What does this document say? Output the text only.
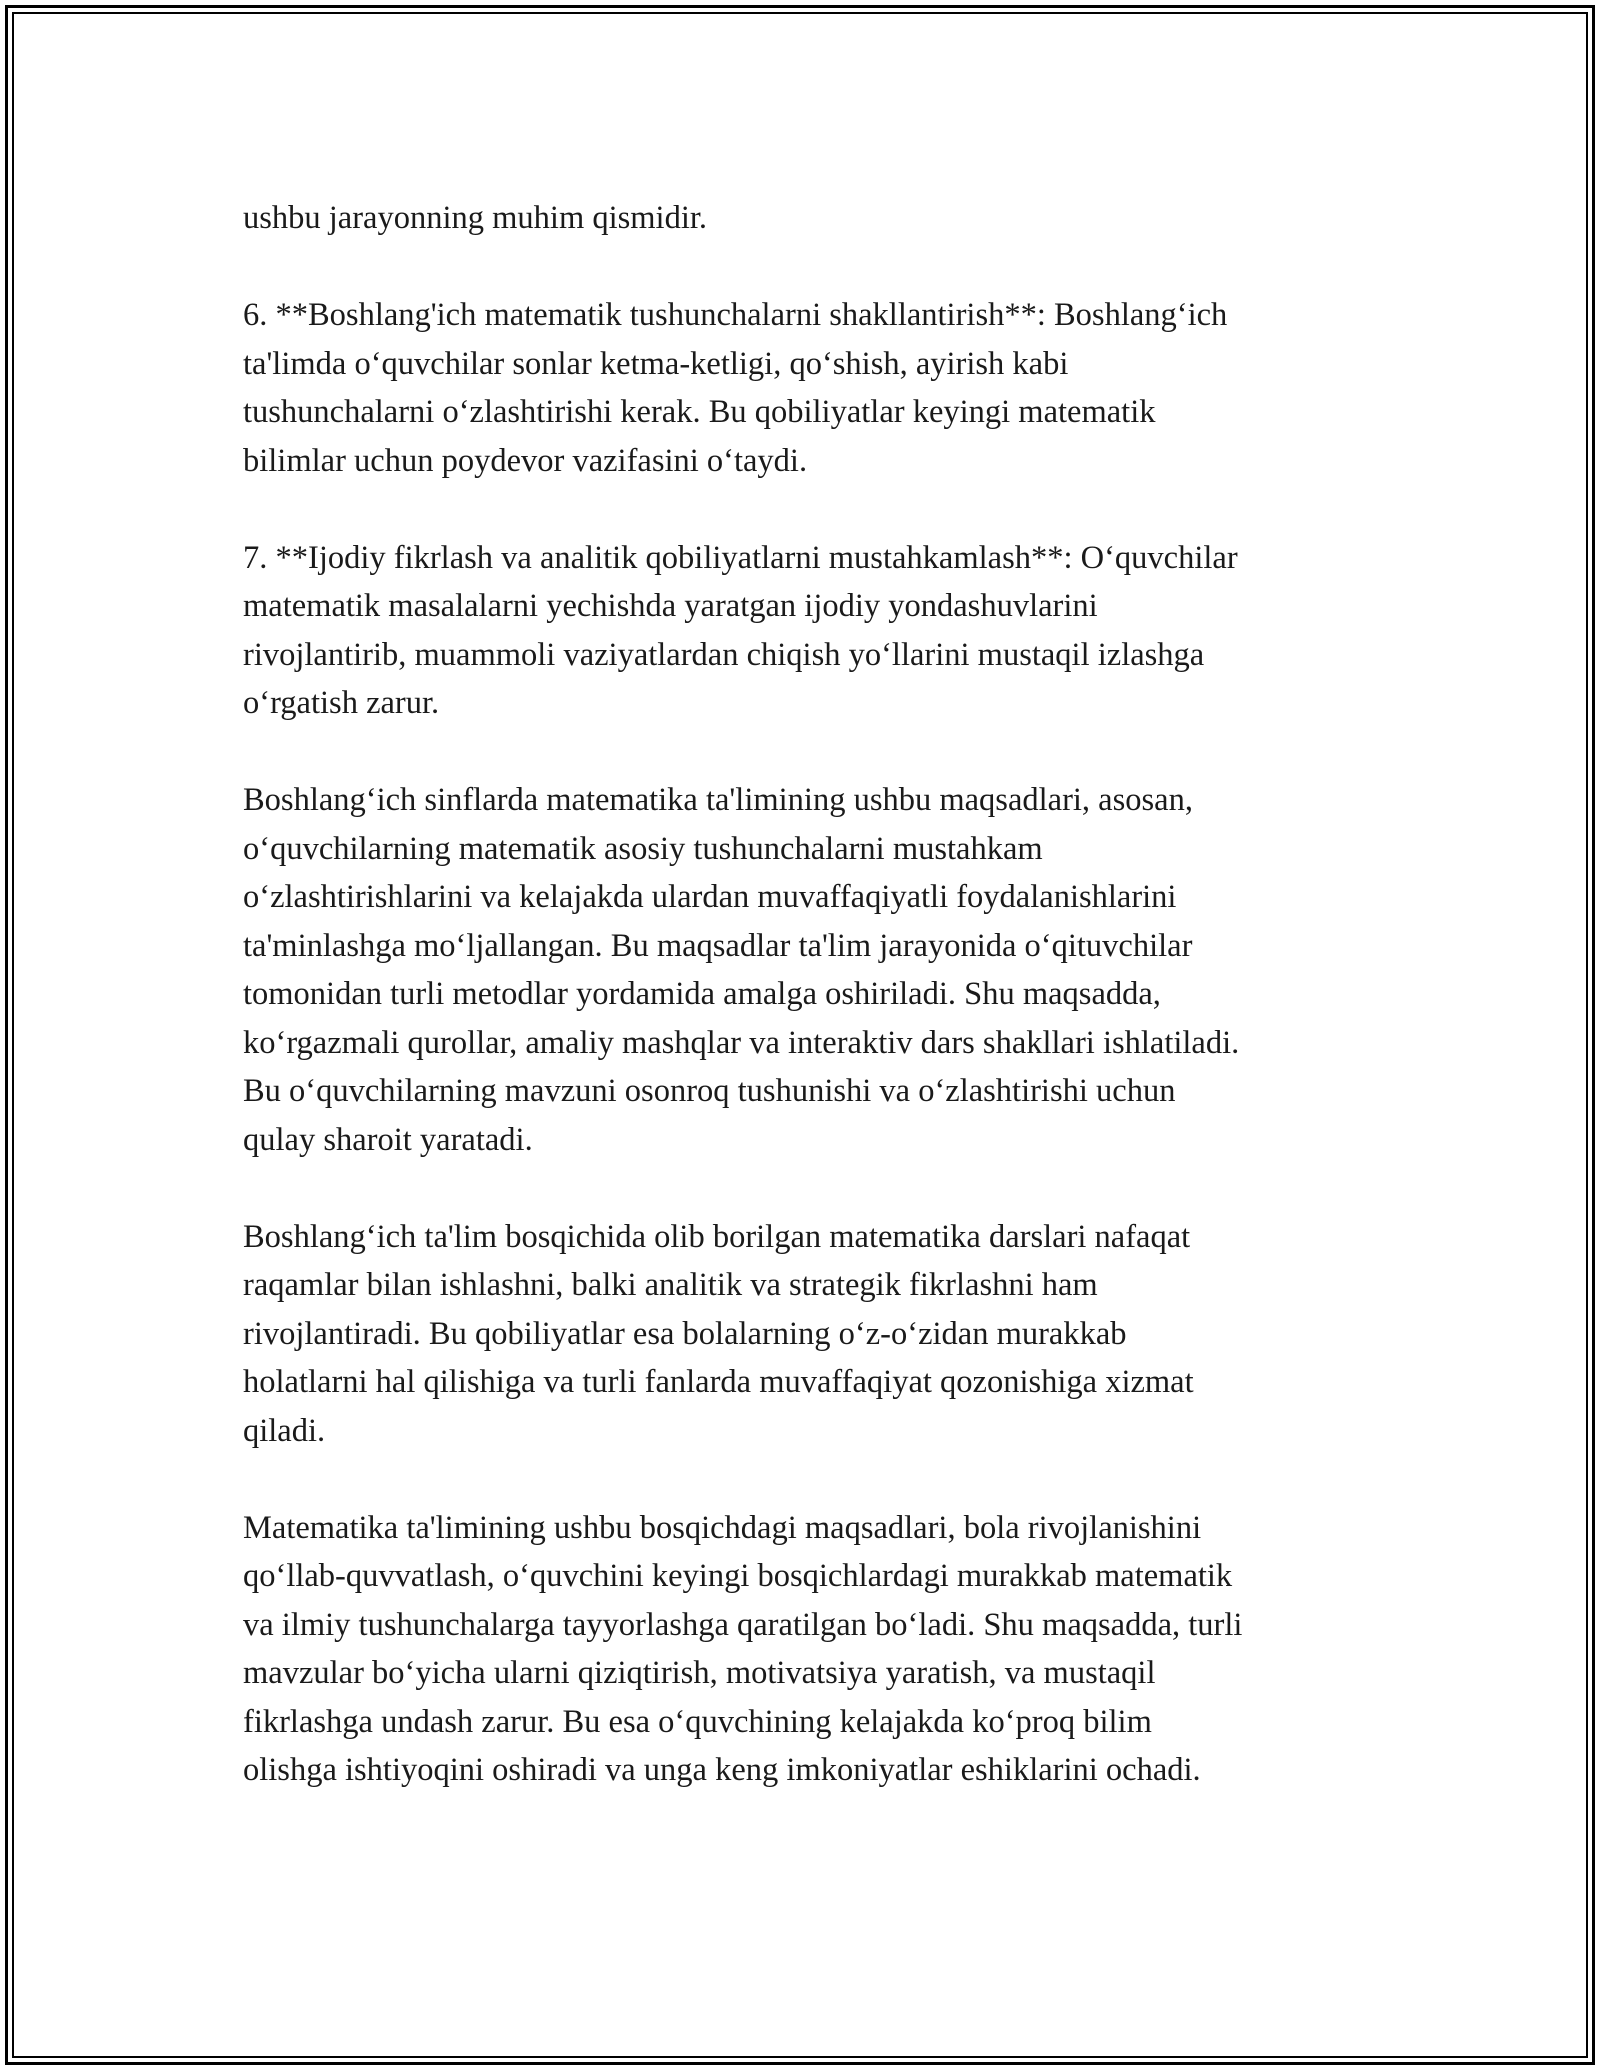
ushbu jarayonning muhim qismidir.

6. **Boshlang'ich matematik tushunchalarni shakllantirish**: Boshlangʻich
ta'limda oʻquvchilar sonlar ketma-ketligi, qoʻshish, ayirish kabi
tushunchalarni oʻzlashtirishi kerak. Bu qobiliyatlar keyingi matematik
bilimlar uchun poydevor vazifasini oʻtaydi.

7. **Ijodiy fikrlash va analitik qobiliyatlarni mustahkamlash**: Oʻquvchilar
matematik masalalarni yechishda yaratgan ijodiy yondashuvlarini
rivojlantirib, muammoli vaziyatlardan chiqish yoʻllarini mustaqil izlashga
oʻrgatish zarur.

Boshlangʻich sinflarda matematika ta'limining ushbu maqsadlari, asosan,
oʻquvchilarning matematik asosiy tushunchalarni mustahkam
oʻzlashtirishlarini va kelajakda ulardan muvaffaqiyatli foydalanishlarini
ta'minlashga moʻljallangan. Bu maqsadlar ta'lim jarayonida oʻqituvchilar
tomonidan turli metodlar yordamida amalga oshiriladi. Shu maqsadda,
koʻrgazmali qurollar, amaliy mashqlar va interaktiv dars shakllari ishlatiladi.
Bu oʻquvchilarning mavzuni osonroq tushunishi va oʻzlashtirishi uchun
qulay sharoit yaratadi.

Boshlangʻich ta'lim bosqichida olib borilgan matematika darslari nafaqat
raqamlar bilan ishlashni, balki analitik va strategik fikrlashni ham
rivojlantiradi. Bu qobiliyatlar esa bolalarning oʻz-oʻzidan murakkab
holatlarni hal qilishiga va turli fanlarda muvaffaqiyat qozonishiga xizmat
qiladi.

Matematika ta'limining ushbu bosqichdagi maqsadlari, bola rivojlanishini
qoʻllab-quvvatlash, oʻquvchini keyingi bosqichlardagi murakkab matematik
va ilmiy tushunchalarga tayyorlashga qaratilgan boʻladi. Shu maqsadda, turli
mavzular boʻyicha ularni qiziqtirish, motivatsiya yaratish, va mustaqil
fikrlashga undash zarur. Bu esa oʻquvchining kelajakda koʻproq bilim
olishga ishtiyoqini oshiradi va unga keng imkoniyatlar eshiklarini ochadi.
